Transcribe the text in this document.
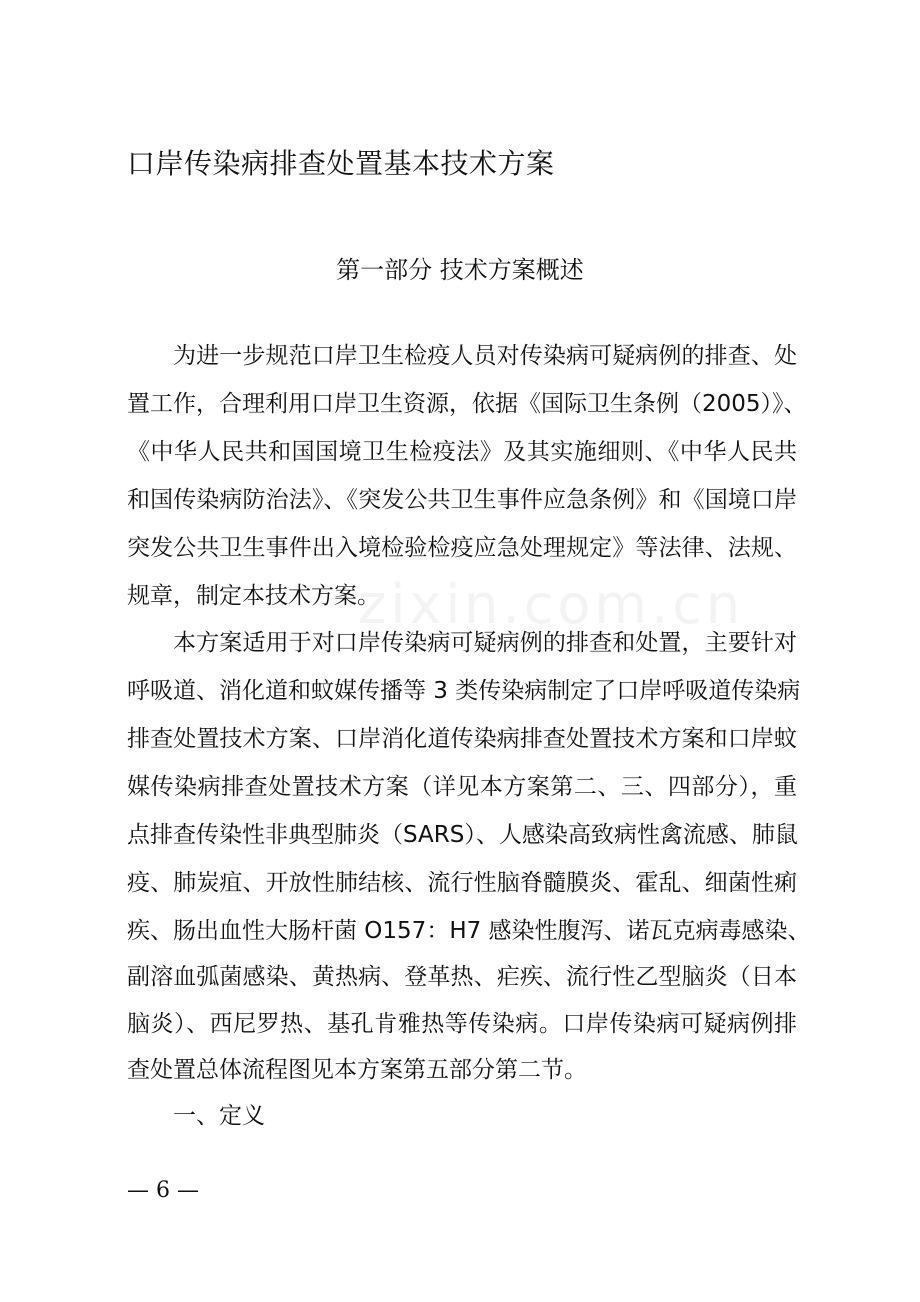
zixin.com.cn
口岸传染病排查处置基本技术方案
第一部分 技术方案概述
为进一步规范口岸卫生检疫人员对传染病可疑病例的排查、处
置工作，合理利用口岸卫生资源，依据《国际卫生条例（2005）》、
《中华人民共和国国境卫生检疫法》及其实施细则、《中华人民共
和国传染病防治法》、《突发公共卫生事件应急条例》和《国境口岸
突发公共卫生事件出入境检验检疫应急处理规定》等法律、法规、
规章，制定本技术方案。
本方案适用于对口岸传染病可疑病例的排查和处置，主要针对
呼吸道、消化道和蚊媒传播等 3 类传染病制定了口岸呼吸道传染病
排查处置技术方案、口岸消化道传染病排查处置技术方案和口岸蚊
媒传染病排查处置技术方案（详见本方案第二、三、四部分），重
点排查传染性非典型肺炎（SARS）、人感染高致病性禽流感、肺鼠
疫、肺炭疽、开放性肺结核、流行性脑脊髓膜炎、霍乱、细菌性痢
疾、肠出血性大肠杆菌 O157：H7 感染性腹泻、诺瓦克病毒感染、
副溶血弧菌感染、黄热病、登革热、疟疾、流行性乙型脑炎（日本
脑炎）、西尼罗热、基孔肯雅热等传染病。口岸传染病可疑病例排
查处置总体流程图见本方案第五部分第二节。
一、定义
— 6 —
